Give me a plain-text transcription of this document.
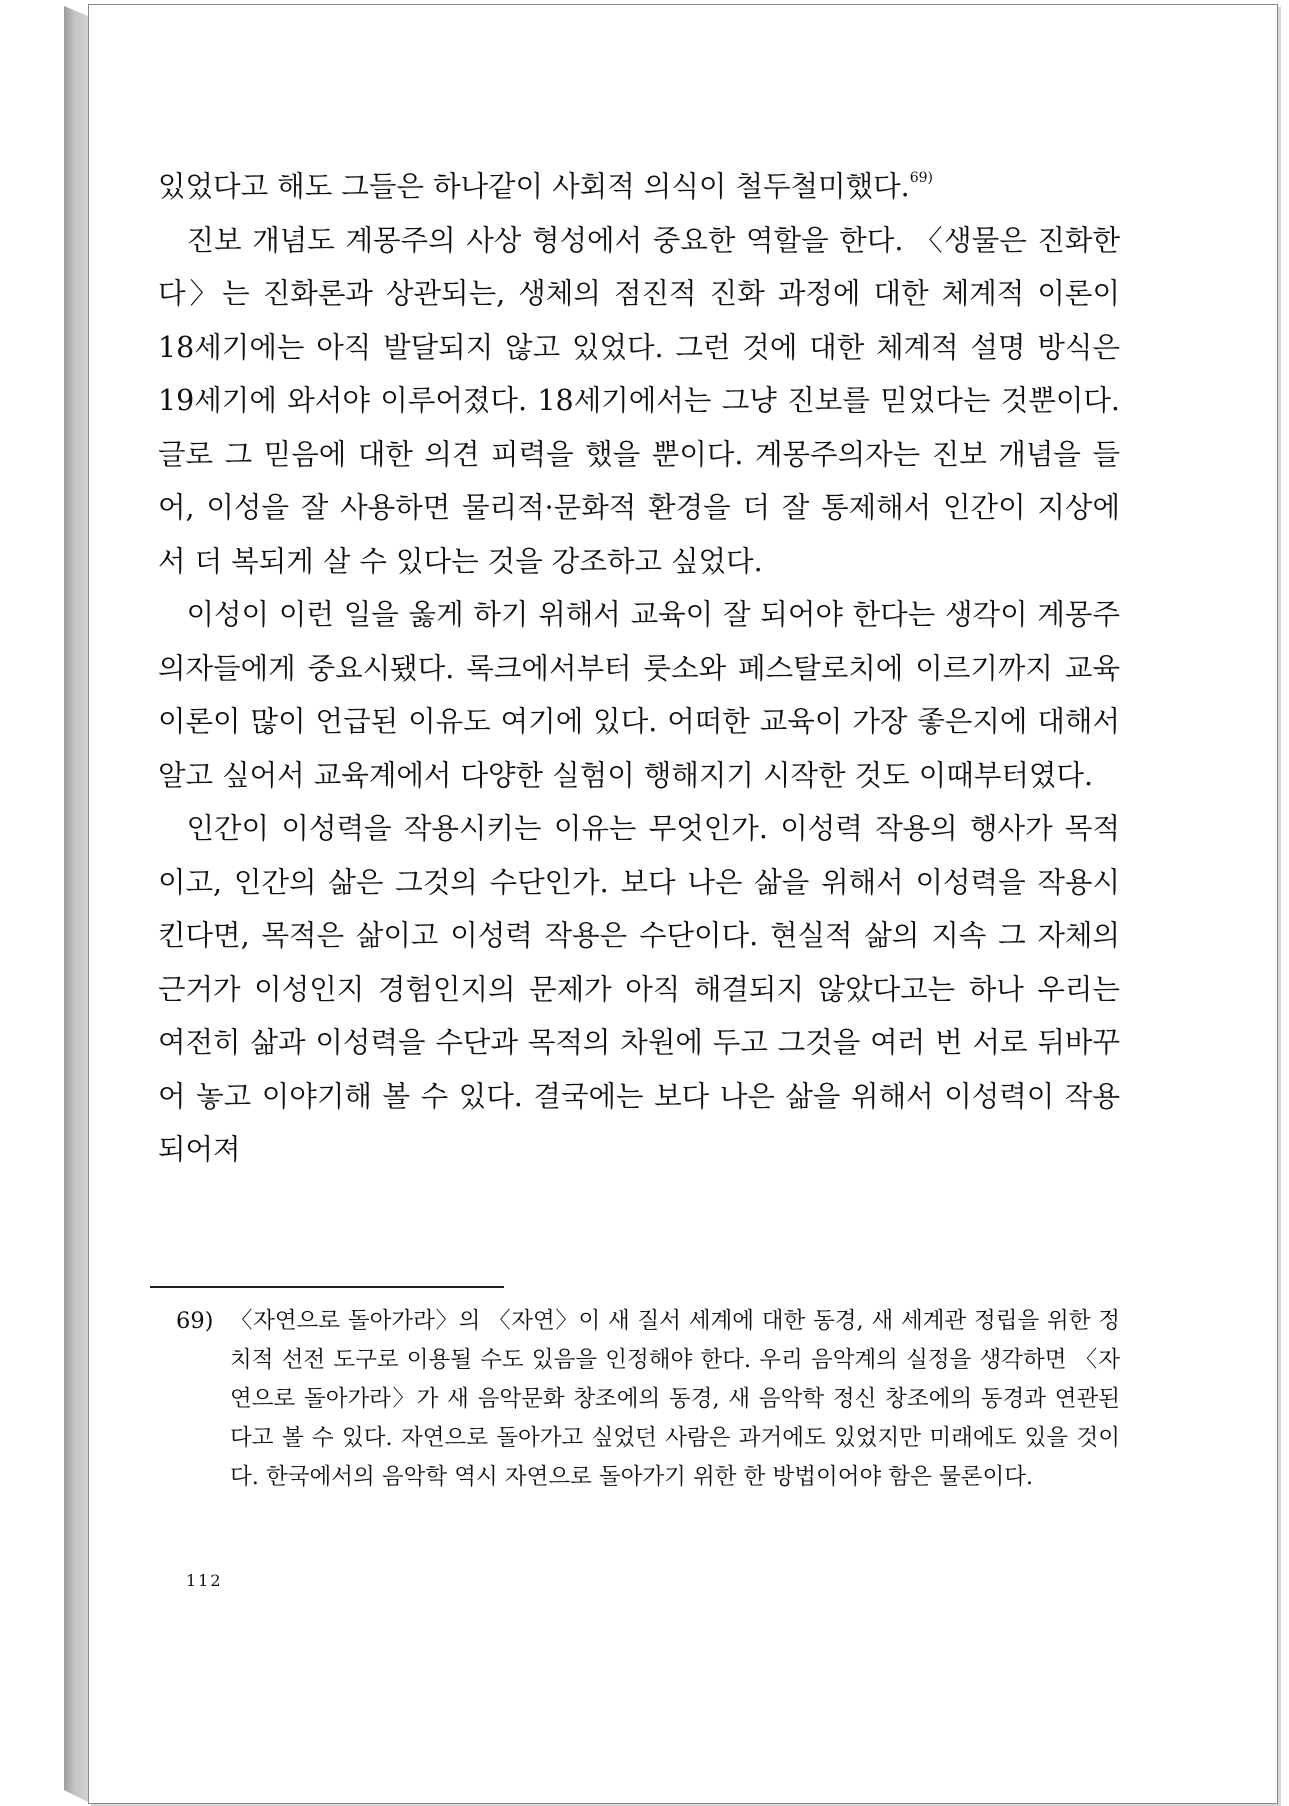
있었다고 해도 그들은 하나같이 사회적 의식이 철두철미했다.$^{69)}$

진보 개념도 계몽주의 사상 형성에서 중요한 역할을 한다. 〈생물은 진화한다〉는 진화론과 상관되는, 생체의 점진적 진화 과정에 대한 체계적 이론이 18세기에는 아직 발달되지 않고 있었다. 그런 것에 대한 체계적 설명 방식은 19세기에 와서야 이루어졌다. 18세기에서는 그냥 진보를 믿었다는 것뿐이다. 글로 그 믿음에 대한 의견 피력을 했을 뿐이다. 계몽주의자는 진보 개념을 들어, 이성을 잘 사용하면 물리적·문화적 환경을 더 잘 통제해서 인간이 지상에서 더 복되게 살 수 있다는 것을 강조하고 싶었다.

이성이 이런 일을 옳게 하기 위해서 교육이 잘 되어야 한다는 생각이 계몽주의자들에게 중요시됐다. 록크에서부터 룻소와 페스탈로치에 이르기까지 교육이론이 많이 언급된 이유도 여기에 있다. 어떠한 교육이 가장 좋은지에 대해서 알고 싶어서 교육계에서 다양한 실험이 행해지기 시작한 것도 이때부터였다.

인간이 이성력을 작용시키는 이유는 무엇인가. 이성력 작용의 행사가 목적이고, 인간의 삶은 그것의 수단인가. 보다 나은 삶을 위해서 이성력을 작용시킨다면, 목적은 삶이고 이성력 작용은 수단이다. 현실적 삶의 지속 그 자체의 근거가 이성인지 경험인지의 문제가 아직 해결되지 않았다고는 하나 우리는 여전히 삶과 이성력을 수단과 목적의 차원에 두고 그것을 여러 번 서로 뒤바꾸어 놓고 이야기해 볼 수 있다. 결국에는 보다 나은 삶을 위해서 이성력이 작용되어져

69) 〈자연으로 돌아가라〉의 〈자연〉이 새 질서 세계에 대한 동경, 새 세계관 정립을 위한 정치적 선전 도구로 이용될 수도 있음을 인정해야 한다. 우리 음악계의 실정을 생각하면 〈자연으로 돌아가라〉가 새 음악문화 창조에의 동경, 새 음악학 정신 창조에의 동경과 연관된다고 볼 수 있다. 자연으로 돌아가고 싶었던 사람은 과거에도 있었지만 미래에도 있을 것이다. 한국에서의 음악학 역시 자연으로 돌아가기 위한 한 방법이어야 함은 물론이다.
112
